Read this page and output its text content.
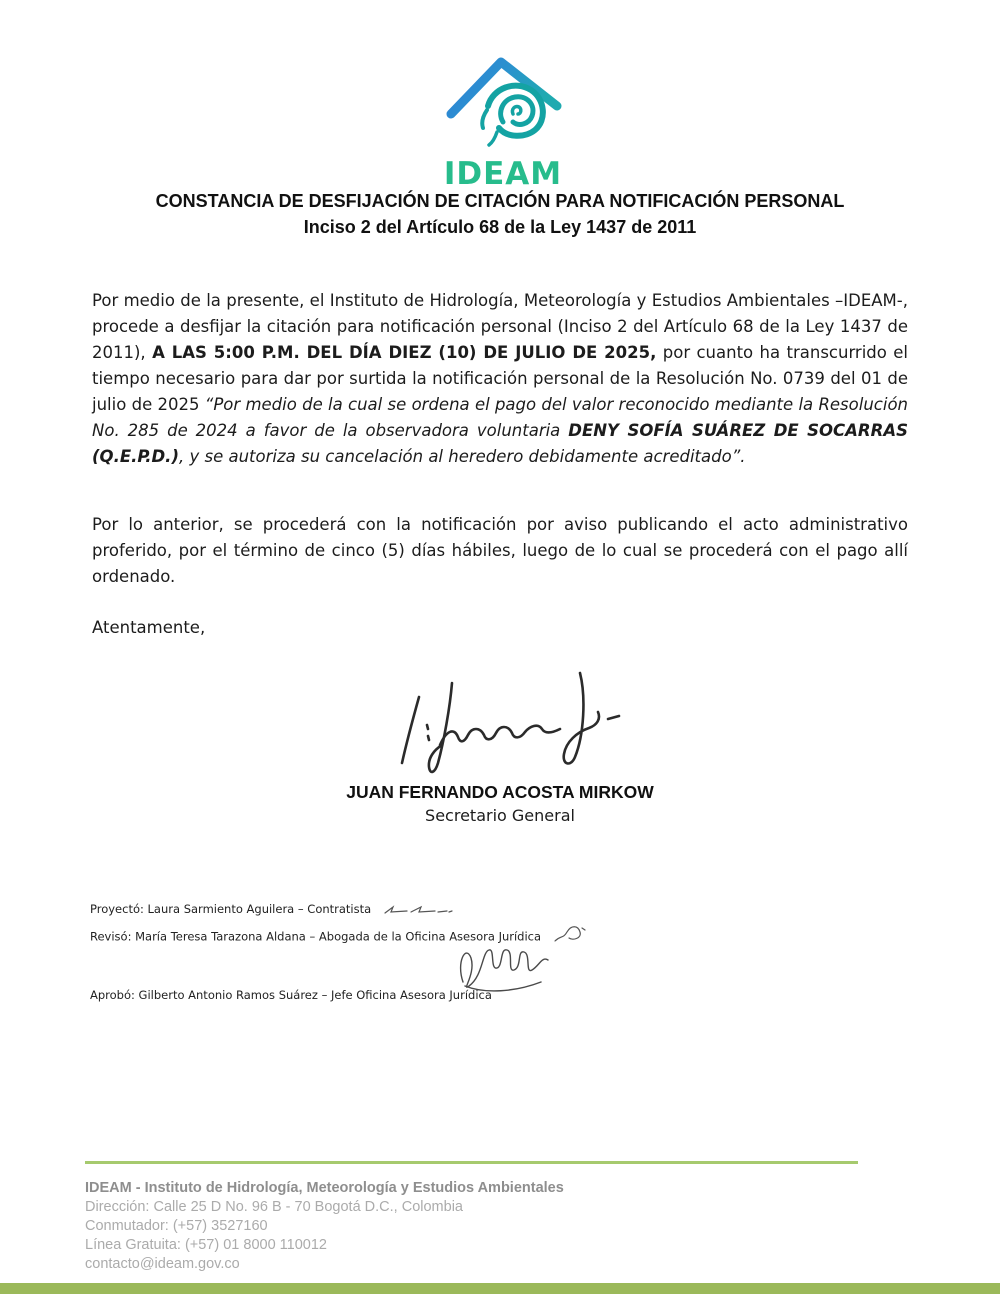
IDEAM
CONSTANCIA DE DESFIJACIÓN DE CITACIÓN PARA NOTIFICACIÓN PERSONAL
Inciso 2 del Artículo 68 de la Ley 1437 de 2011
Por medio de la presente, el Instituto de Hidrología, Meteorología y Estudios Ambientales –IDEAM-, procede a desfijar la citación para notificación personal (Inciso 2 del Artículo 68 de la Ley 1437 de 2011), A LAS 5:00 P.M. DEL DÍA DIEZ (10) DE JULIO DE 2025, por cuanto ha transcurrido el tiempo necesario para dar por surtida la notificación personal de la Resolución No. 0739 del 01 de julio de 2025 “Por medio de la cual se ordena el pago del valor reconocido mediante la Resolución No. 285 de 2024 a favor de la observadora voluntaria DENY SOFÍA SUÁREZ DE SOCARRAS (Q.E.P.D.), y se autoriza su cancelación al heredero debidamente acreditado”.
Por lo anterior, se procederá con la notificación por aviso publicando el acto administrativo proferido, por el término de cinco (5) días hábiles, luego de lo cual se procederá con el pago allí ordenado.
Atentamente,
JUAN FERNANDO ACOSTA MIRKOW
Secretario General
Proyectó: Laura Sarmiento Aguilera – Contratista
Revisó: María Teresa Tarazona Aldana – Abogada de la Oficina Asesora Jurídica
Aprobó: Gilberto Antonio Ramos Suárez – Jefe Oficina Asesora Jurídica
IDEAM - Instituto de Hidrología, Meteorología y Estudios Ambientales
Dirección: Calle 25 D No. 96 B - 70 Bogotá D.C., Colombia
Conmutador: (+57) 3527160
Línea Gratuita: (+57) 01 8000 110012
contacto@ideam.gov.co
